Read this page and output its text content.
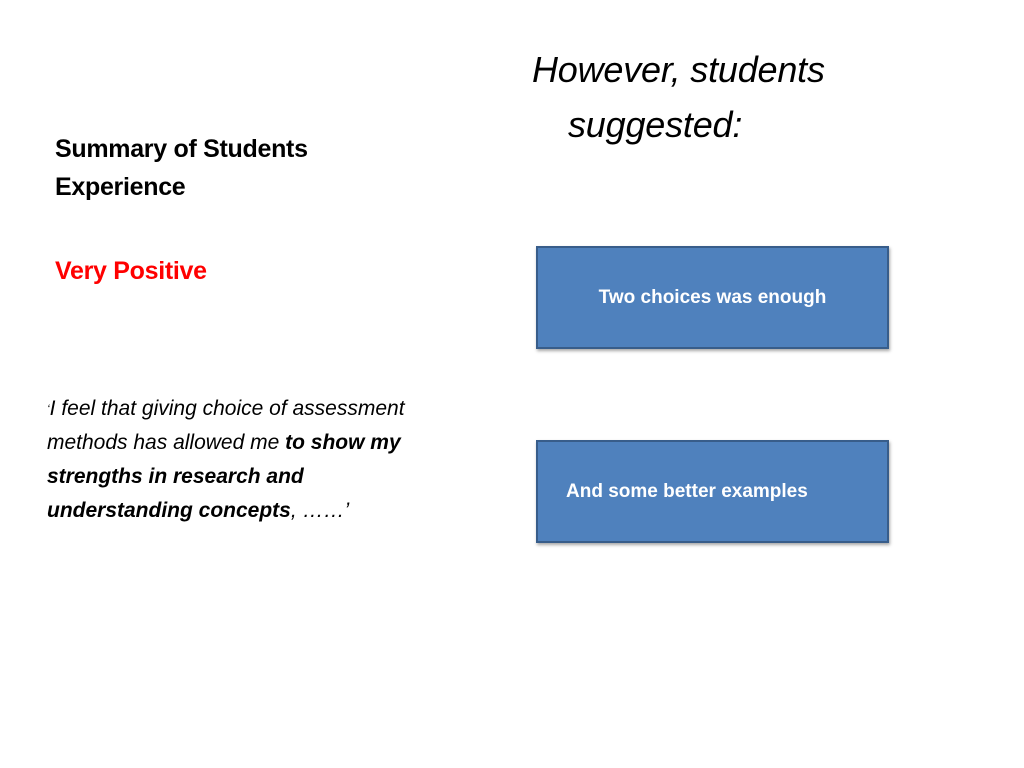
Summary of Students
Experience
Very Positive
‘I feel that giving choice of assessment methods has allowed me to show my strengths in research and understanding concepts, ……’
However, students
suggested:
Two choices was enough
And some better examples
